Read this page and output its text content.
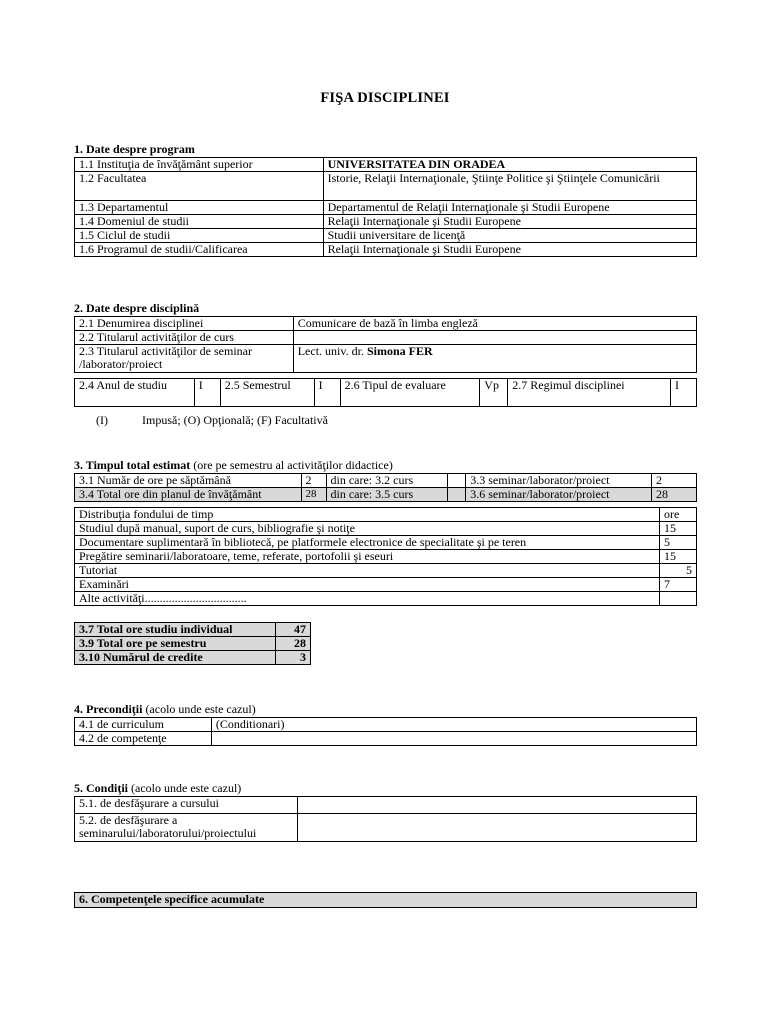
FIŞA DISCIPLINEI
1. Date despre program
1.1 Instituţia de învăţământ superior	UNIVERSITATEA DIN ORADEA
1.2 Facultatea	Istorie, Relaţii Internaţionale, Ştiinţe Politice şi Ştiinţele Comunicării
1.3 Departamentul	Departamentul de Relaţii Internaţionale şi Studii Europene
1.4 Domeniul de studii	Relaţii Internaţionale şi Studii Europene
1.5 Ciclul de studii	Studii universitare de licenţă
1.6 Programul de studii/Calificarea	Relaţii Internaţionale şi Studii Europene
2. Date despre disciplină
2.1 Denumirea disciplinei	Comunicare de bază în limba engleză
2.2 Titularul activităţilor de curs	
2.3 Titularul activităţilor de seminar /laborator/proiect	Lect. univ. dr. Simona FER
2.4 Anul de studiu	I	2.5 Semestrul	I	2.6 Tipul de evaluare	Vp	2.7 Regimul disciplinei	I
(I)	Impusă; (O) Opţională; (F) Facultativă
3. Timpul total estimat (ore pe semestru al activităţilor didactice)
3.1 Număr de ore pe săptămână	2	din care: 3.2 curs		3.3 seminar/laborator/proiect	2
3.4 Total ore din planul de învăţământ	28	din care: 3.5 curs		3.6 seminar/laborator/proiect	28
Distribuţia fondului de timp	ore
Studiul după manual, suport de curs, bibliografie şi notiţe	15
Documentare suplimentară în bibliotecă, pe platformele electronice de specialitate şi pe teren	5
Pregătire seminarii/laboratoare, teme, referate, portofolii şi eseuri	15
Tutoriat	5
Examinări	7
Alte activităţi..................................	
3.7 Total ore studiu individual	47
3.9 Total ore pe semestru	28
3.10 Numărul de credite	3
4. Precondiţii (acolo unde este cazul)
4.1 de curriculum	(Conditionari)
4.2 de competenţe	
5. Condiţii (acolo unde este cazul)
5.1. de desfăşurare a cursului	
5.2. de desfăşurare a seminarului/laboratorului/proiectului	
6. Competenţele specifice acumulate
